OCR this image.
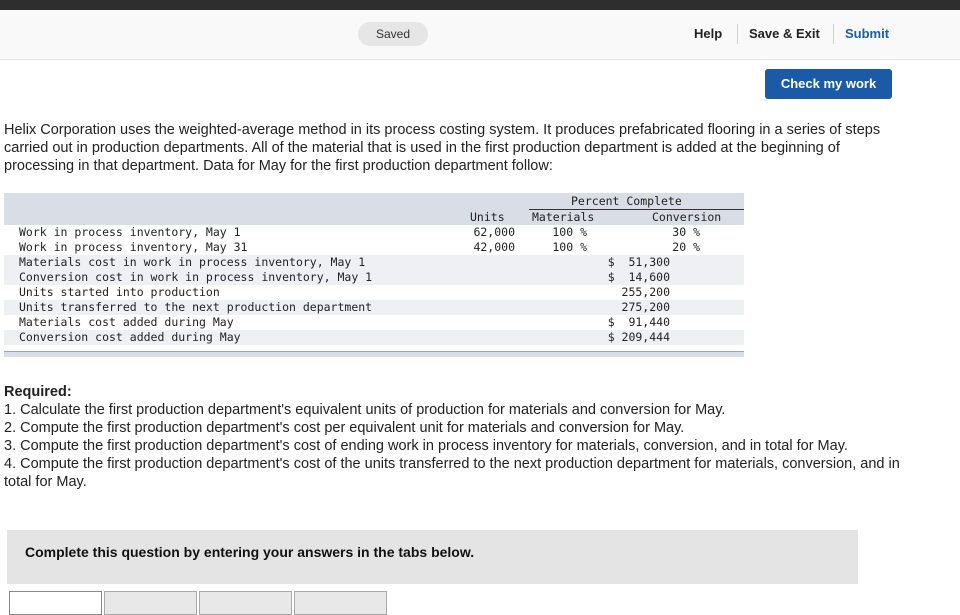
Saved	Help Save & Exit Submit
Check my work
Helix Corporation uses the weighted-average method in its process costing system. It produces prefabricated flooring in a series of steps carried out in production departments. All of the material that is used in the first production department is added at the beginning of processing in that department. Data for May for the first production department follow:
Percent Complete
Units Materials	Conversion
Work in process inventory, May 1	62,000	100 %	30 %
Work in process inventory, May 31	42,000	100 %	20 %
Materials cost in work in process inventory, May 1	$  51,300
Conversion cost in work in process inventory, May 1	$  14,600
Units started into production	255,200
Units transferred to the next production department	275,200
Materials cost added during May	$  91,440
Conversion cost added during May	$ 209,444
Required:
1. Calculate the first production department's equivalent units of production for materials and conversion for May.
2. Compute the first production department's cost per equivalent unit for materials and conversion for May.
3. Compute the first production department's cost of ending work in process inventory for materials, conversion, and in total for May.
4. Compute the first production department's cost of the units transferred to the next production department for materials, conversion, and in total for May.
Complete this question by entering your answers in the tabs below.
